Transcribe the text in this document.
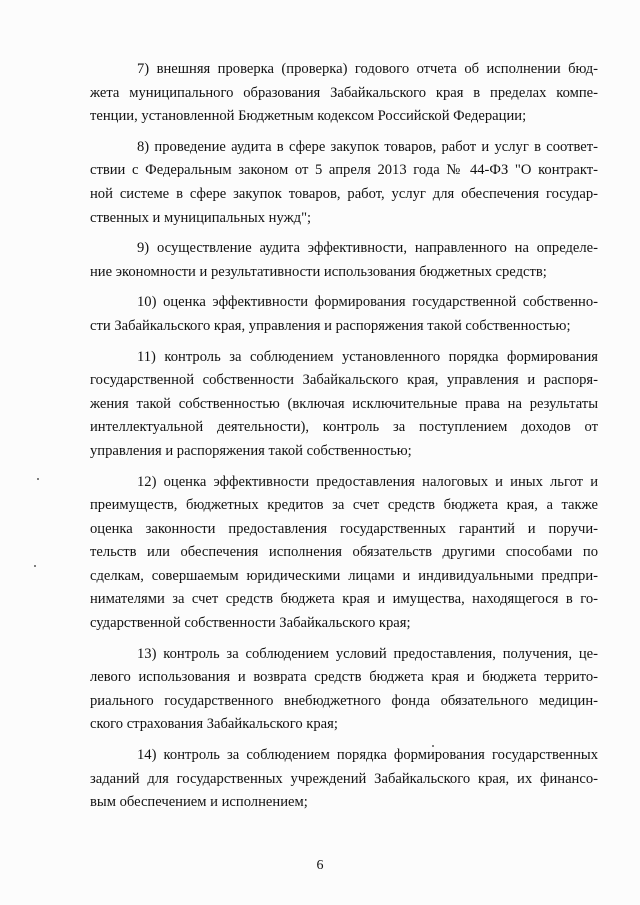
7) внешняя проверка (проверка) годового отчета об исполнении бюд-
жета муниципального образования Забайкальского края в пределах компе-
тенции, установленной Бюджетным кодексом Российской Федерации;
8) проведение аудита в сфере закупок товаров, работ и услуг в соответ-
ствии с Федеральным законом от 5 апреля 2013 года № 44-ФЗ "О контракт-
ной системе в сфере закупок товаров, работ, услуг для обеспечения государ-
ственных и муниципальных нужд";
9) осуществление аудита эффективности, направленного на определе-
ние экономности и результативности использования бюджетных средств;
10) оценка эффективности формирования государственной собственно-
сти Забайкальского края, управления и распоряжения такой собственностью;
11) контроль за соблюдением установленного порядка формирования
государственной собственности Забайкальского края, управления и распоря-
жения такой собственностью (включая исключительные права на результаты
интеллектуальной деятельности), контроль за поступлением доходов от
управления и распоряжения такой собственностью;
12) оценка эффективности предоставления налоговых и иных льгот и
преимуществ, бюджетных кредитов за счет средств бюджета края, а также
оценка законности предоставления государственных гарантий и поручи-
тельств или обеспечения исполнения обязательств другими способами по
сделкам, совершаемым юридическими лицами и индивидуальными предпри-
нимателями за счет средств бюджета края и имущества, находящегося в го-
сударственной собственности Забайкальского края;
13) контроль за соблюдением условий предоставления, получения, це-
левого использования и возврата средств бюджета края и бюджета террито-
риального государственного внебюджетного фонда обязательного медицин-
ского страхования Забайкальского края;
14) контроль за соблюдением порядка формирования государственных
заданий для государственных учреждений Забайкальского края, их финансо-
вым обеспечением и исполнением;
6
